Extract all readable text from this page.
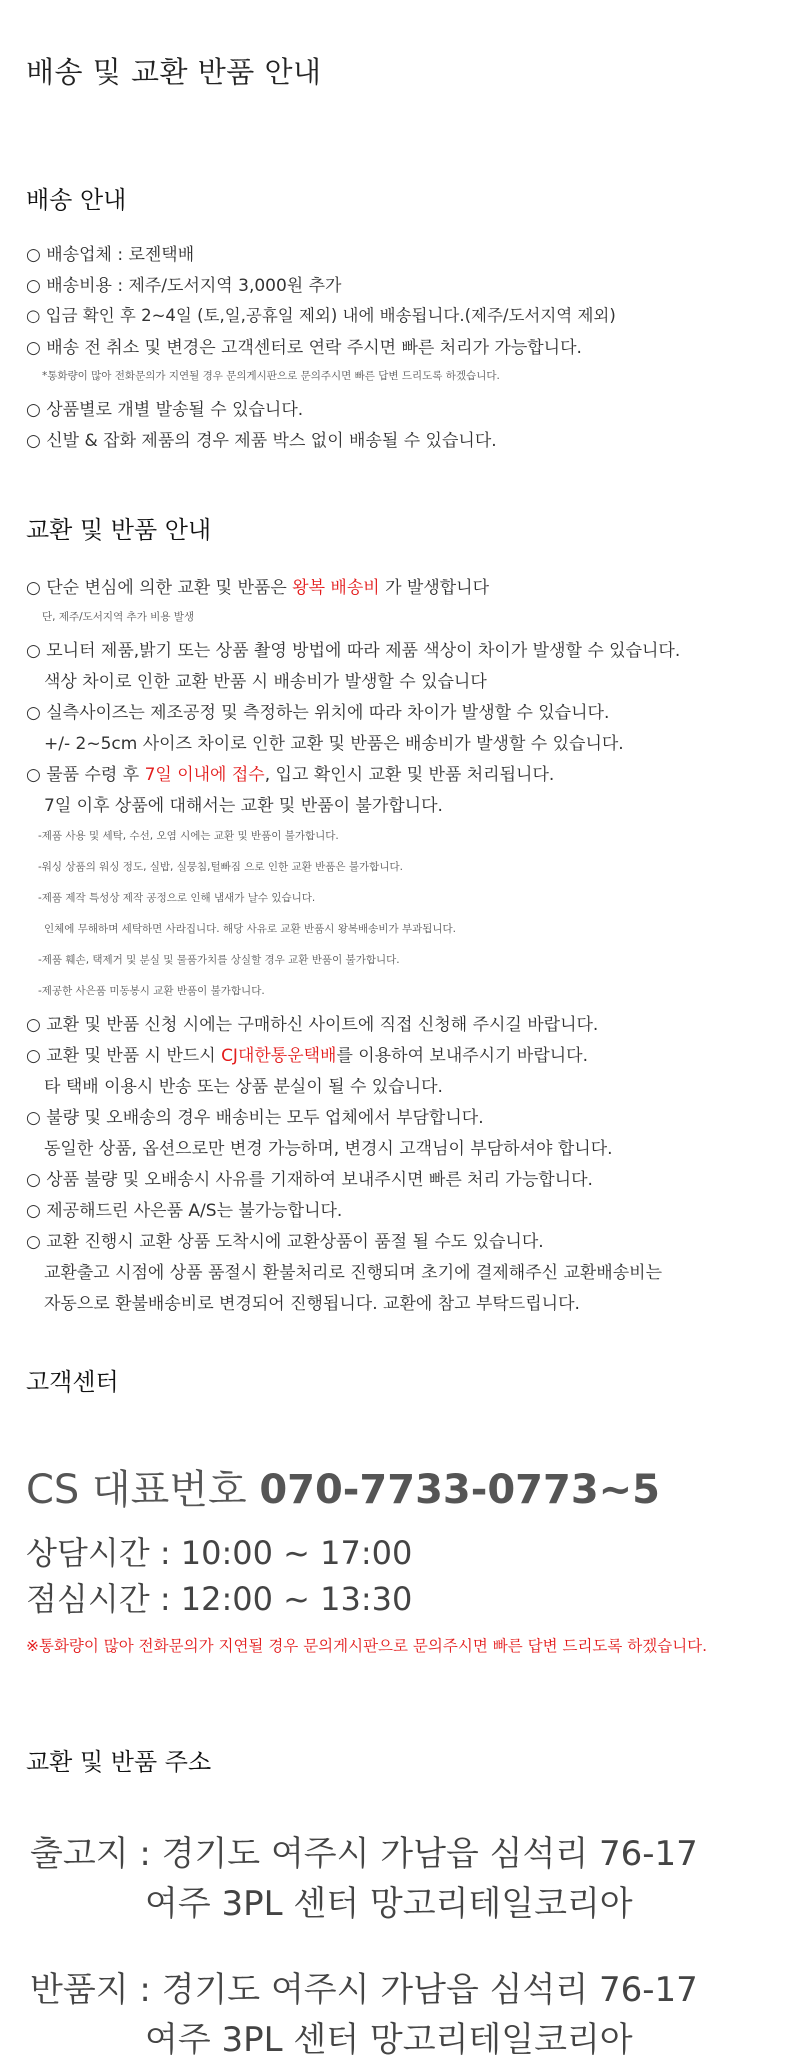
배송 및 교환 반품 안내
배송 안내
○ 배송업체 : 로젠택배
○ 배송비용 : 제주/도서지역 3,000원 추가
○ 입금 확인 후 2~4일 (토,일,공휴일 제외) 내에 배송됩니다.(제주/도서지역 제외)
○ 배송 전 취소 및 변경은 고객센터로 연락 주시면 빠른 처리가 가능합니다.
*통화량이 많아 전화문의가 지연될 경우 문의게시판으로 문의주시면 빠른 답변 드리도록 하겠습니다.
○ 상품별로 개별 발송될 수 있습니다.
○ 신발 & 잡화 제품의 경우 제품 박스 없이 배송될 수 있습니다.
교환 및 반품 안내
○ 단순 변심에 의한 교환 및 반품은 왕복 배송비 가 발생합니다
단, 제주/도서지역 추가 비용 발생
○ 모니터 제품,밝기 또는 상품 촬영 방법에 따라 제품 색상이 차이가 발생할 수 있습니다.
색상 차이로 인한 교환 반품 시 배송비가 발생할 수 있습니다
○ 실측사이즈는 제조공정 및 측정하는 위치에 따라 차이가 발생할 수 있습니다.
+/- 2~5cm 사이즈 차이로 인한 교환 및 반품은 배송비가 발생할 수 있습니다.
○ 물품 수령 후 7일 이내에 접수, 입고 확인시 교환 및 반품 처리됩니다.
7일 이후 상품에 대해서는 교환 및 반품이 불가합니다.
-제품 사용 및 세탁, 수선, 오염 시에는 교환 및 반품이 불가합니다.
-워싱 상품의 워싱 정도, 실밥, 실뭉침,털빠짐 으로 인한 교환 반품은 불가합니다.
-제품 제작 특성상 제작 공정으로 인해 냄새가 날수 있습니다.
인체에 무해하며 세탁하면 사라집니다. 해당 사유로 교환 반품시 왕복배송비가 부과됩니다.
-제품 훼손, 택제거 및 분실 및 물품가치를 상실할 경우 교환 반품이 불가합니다.
-제공한 사은품 미동봉시 교환 반품이 불가합니다.
○ 교환 및 반품 신청 시에는 구매하신 사이트에 직접 신청해 주시길 바랍니다.
○ 교환 및 반품 시 반드시 CJ대한통운택배를 이용하여 보내주시기 바랍니다.
타 택배 이용시 반송 또는 상품 분실이 될 수 있습니다.
○ 불량 및 오배송의 경우 배송비는 모두 업체에서 부담합니다.
동일한 상품, 옵션으로만 변경 가능하며, 변경시 고객님이 부담하셔야 합니다.
○ 상품 불량 및 오배송시 사유를 기재하여 보내주시면 빠른 처리 가능합니다.
○ 제공해드린 사은품 A/S는 불가능합니다.
○ 교환 진행시 교환 상품 도착시에 교환상품이 품절 될 수도 있습니다.
교환출고 시점에 상품 품절시 환불처리로 진행되며 초기에 결제해주신 교환배송비는
자동으로 환불배송비로 변경되어 진행됩니다. 교환에 참고 부탁드립니다.
고객센터
CS 대표번호 070-7733-0773~5
상담시간 : 10:00 ~ 17:00
점심시간 : 12:00 ~ 13:30
※통화량이 많아 전화문의가 지연될 경우 문의게시판으로 문의주시면 빠른 답변 드리도록 하겠습니다.
교환 및 반품 주소
출고지 : 경기도 여주시 가남읍 심석리 76-17
여주 3PL 센터 망고리테일코리아
반품지 : 경기도 여주시 가남읍 심석리 76-17
여주 3PL 센터 망고리테일코리아
